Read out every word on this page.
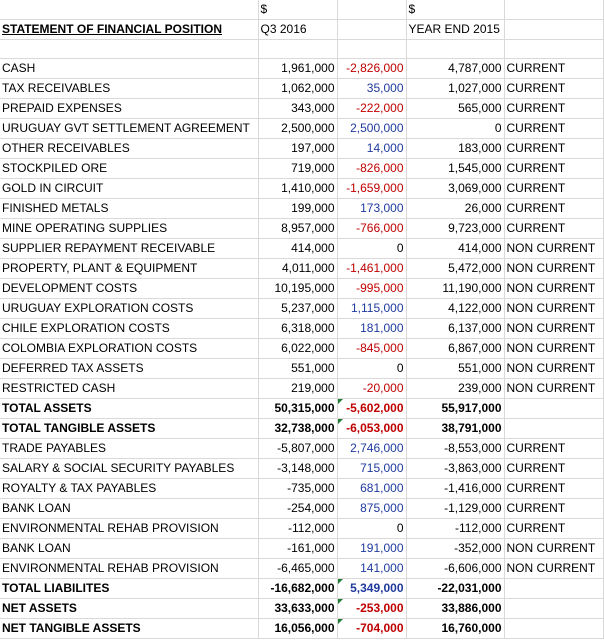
	$		$	
STATEMENT OF FINANCIAL POSITION	Q3 2016		YEAR END 2015	

CASH	1,961,000	-2,826,000	4,787,000	CURRENT
TAX RECEIVABLES	1,062,000	35,000	1,027,000	CURRENT
PREPAID EXPENSES	343,000	-222,000	565,000	CURRENT
URUGUAY GVT SETTLEMENT AGREEMENT	2,500,000	2,500,000	0	CURRENT
OTHER RECEIVABLES	197,000	14,000	183,000	CURRENT
STOCKPILED ORE	719,000	-826,000	1,545,000	CURRENT
GOLD IN CIRCUIT	1,410,000	-1,659,000	3,069,000	CURRENT
FINISHED METALS	199,000	173,000	26,000	CURRENT
MINE OPERATING SUPPLIES	8,957,000	-766,000	9,723,000	CURRENT
SUPPLIER REPAYMENT RECEIVABLE	414,000	0	414,000	NON CURRENT
PROPERTY, PLANT & EQUIPMENT	4,011,000	-1,461,000	5,472,000	NON CURRENT
DEVELOPMENT COSTS	10,195,000	-995,000	11,190,000	NON CURRENT
URUGUAY EXPLORATION COSTS	5,237,000	1,115,000	4,122,000	NON CURRENT
CHILE EXPLORATION COSTS	6,318,000	181,000	6,137,000	NON CURRENT
COLOMBIA EXPLORATION COSTS	6,022,000	-845,000	6,867,000	NON CURRENT
DEFERRED TAX ASSETS	551,000	0	551,000	NON CURRENT
RESTRICTED CASH	219,000	-20,000	239,000	NON CURRENT
TOTAL ASSETS	50,315,000	-5,602,000	55,917,000	
TOTAL TANGIBLE ASSETS	32,738,000	-6,053,000	38,791,000	
TRADE PAYABLES	-5,807,000	2,746,000	-8,553,000	CURRENT
SALARY & SOCIAL SECURITY PAYABLES	-3,148,000	715,000	-3,863,000	CURRENT
ROYALTY & TAX PAYABLES	-735,000	681,000	-1,416,000	CURRENT
BANK LOAN	-254,000	875,000	-1,129,000	CURRENT
ENVIRONMENTAL REHAB PROVISION	-112,000	0	-112,000	CURRENT
BANK LOAN	-161,000	191,000	-352,000	NON CURRENT
ENVIRONMENTAL REHAB PROVISION	-6,465,000	141,000	-6,606,000	NON CURRENT
TOTAL LIABILITES	-16,682,000	5,349,000	-22,031,000	
NET ASSETS	33,633,000	-253,000	33,886,000	
NET TANGIBLE ASSETS	16,056,000	-704,000	16,760,000	
